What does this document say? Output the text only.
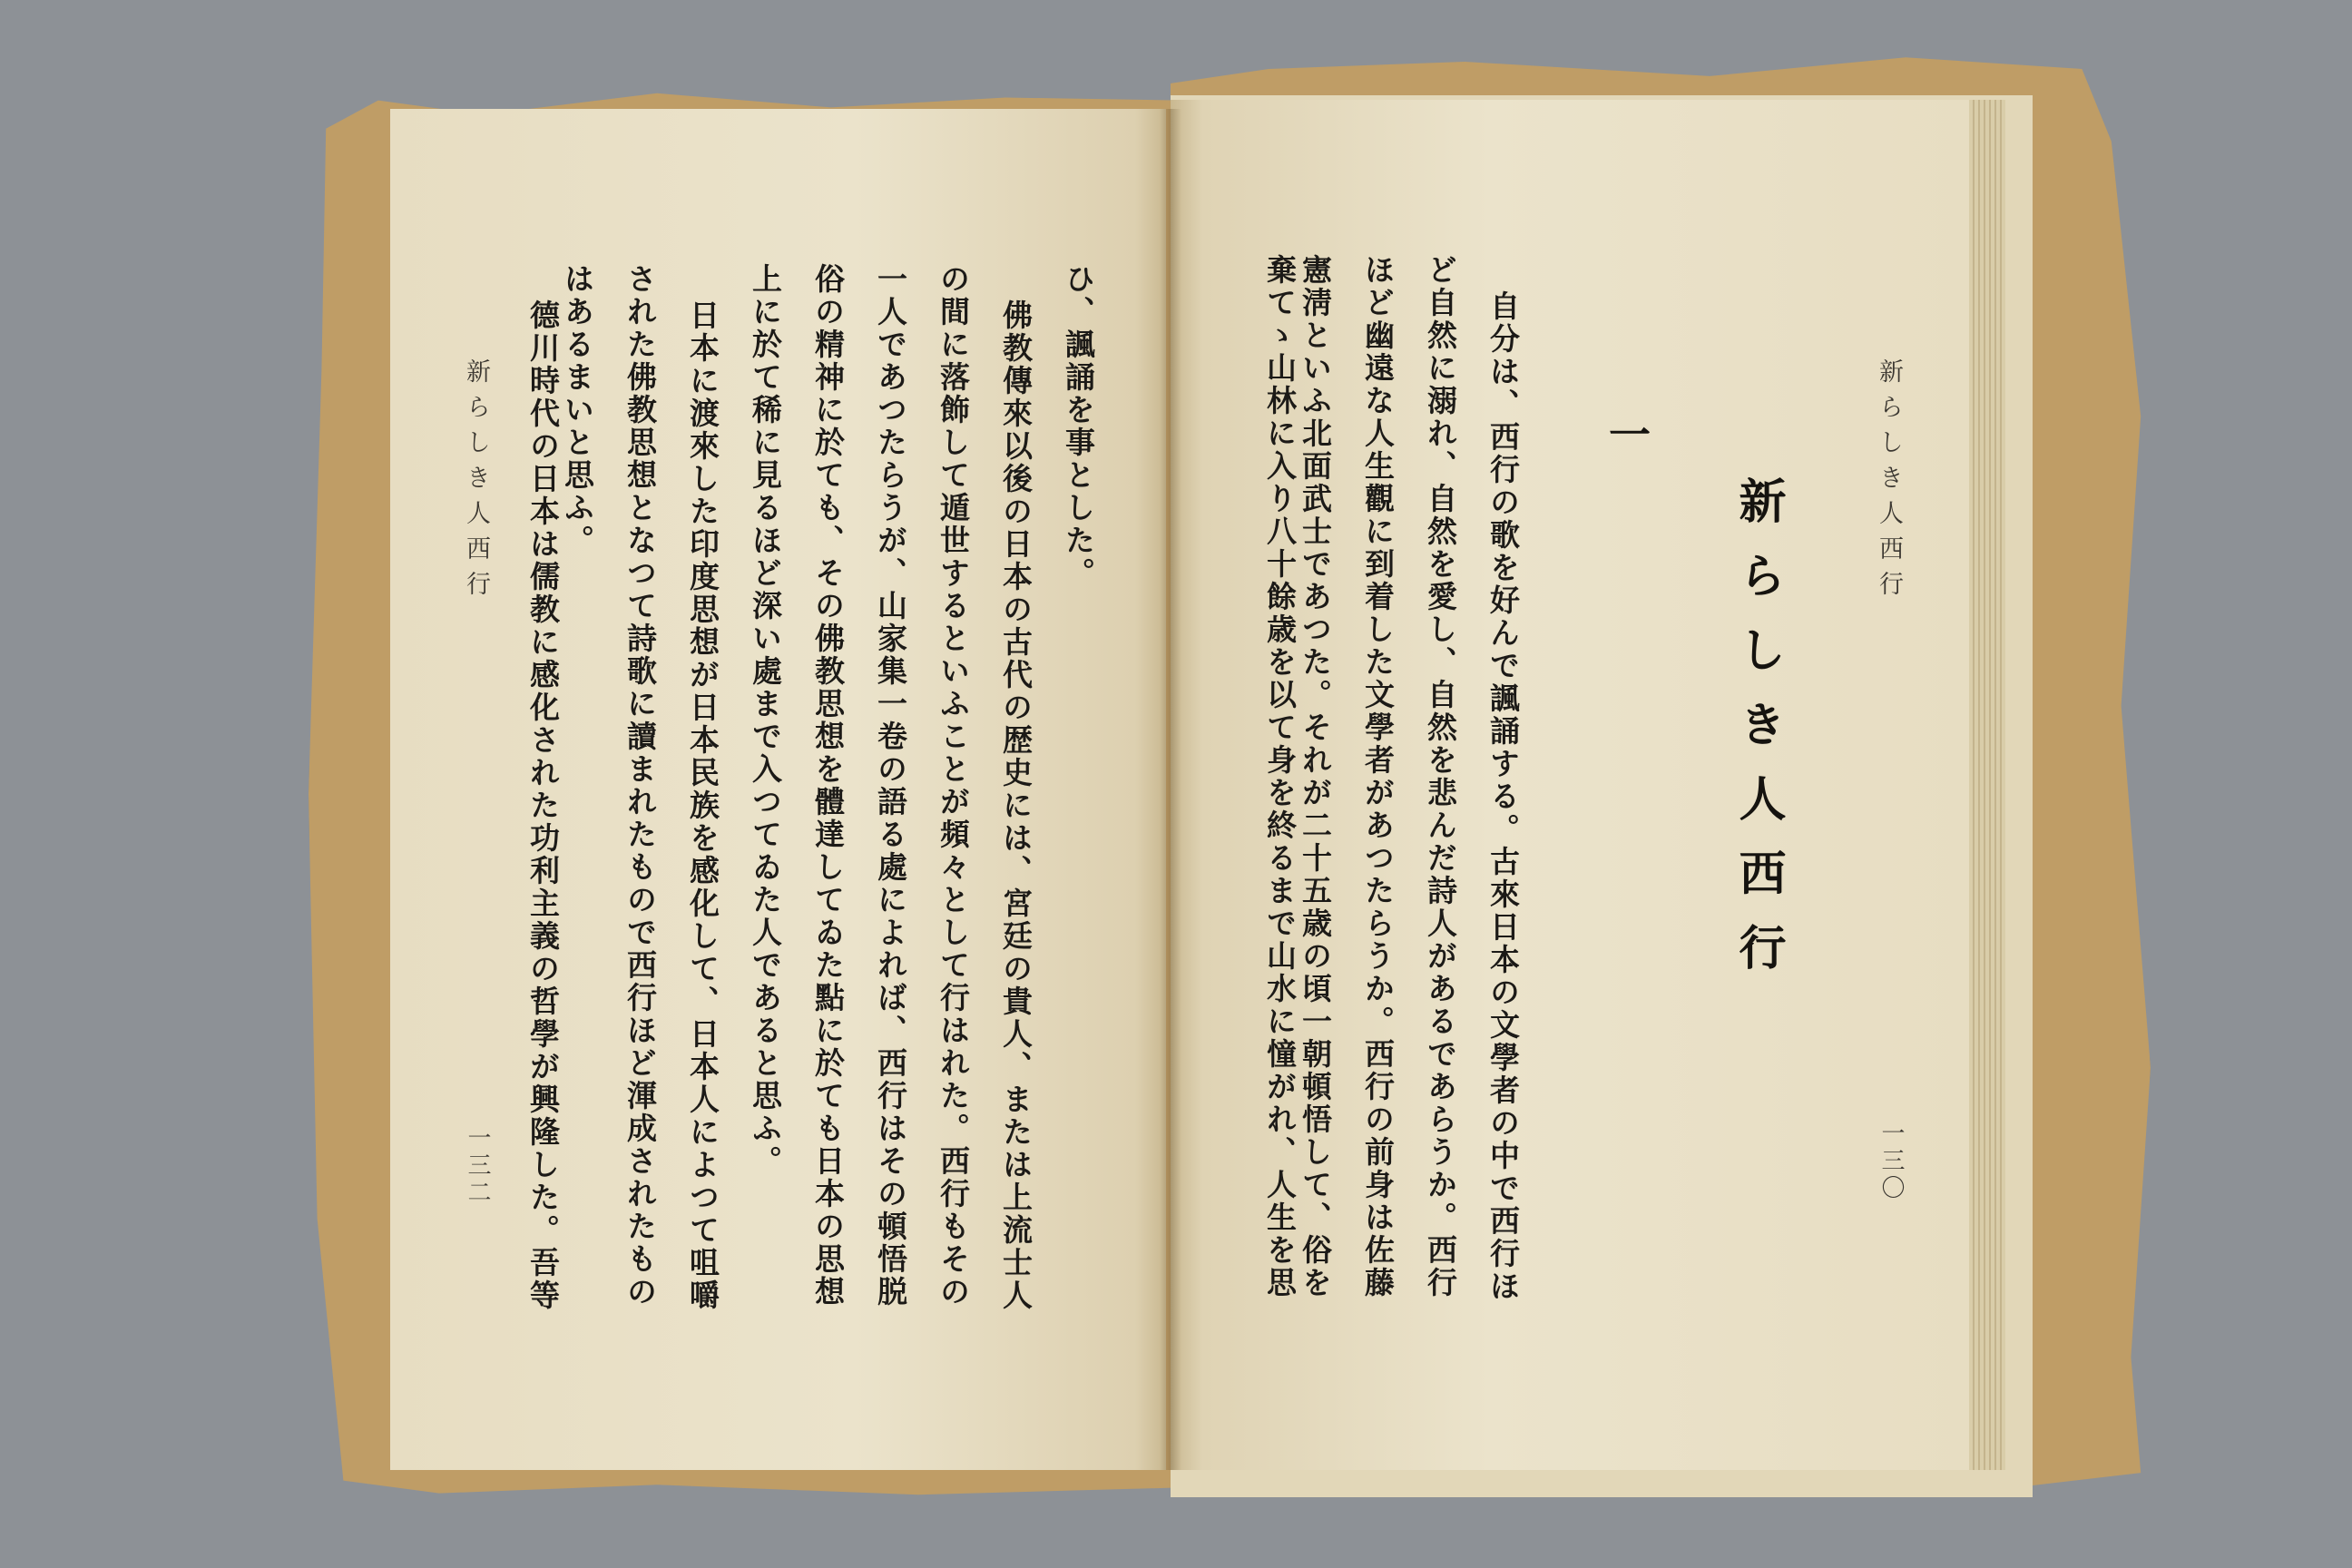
新らしき人西行
一三二
ひ、諷誦を事とした。
佛教傳來以後の日本の古代の歴史には、宮廷の貴人、または上流士人
の間に落飾して遁世するといふことが頻々として行はれた。西行もその
一人であつたらうが、山家集一卷の語る處によれば、西行はその頓悟脱
俗の精神に於ても、その佛教思想を體達してゐた點に於ても日本の思想
上に於て稀に見るほど深い處まで入つてゐた人であると思ふ。
日本に渡來した印度思想が日本民族を感化して、日本人によつて咀嚼
された佛教思想となつて詩歌に讀まれたもので西行ほど渾成されたもの
はあるまいと思ふ。
德川時代の日本は儒教に感化された功利主義の哲學が興隆した。吾等	自分は、西行の歌を好んで諷誦する。古來日本の文學者の中で西行ほ
ど自然に溺れ、自然を愛し、自然を悲んだ詩人があるであらうか。西行
ほど幽遠な人生觀に到着した文學者があつたらうか。西行の前身は佐藤
憲淸といふ北面武士であつた。それが二十五歳の頃一朝頓悟して、俗を
棄てゝ山林に入り八十餘歳を以て身を終るまで山水に憧がれ、人生を思	一
新らしき人西行	新らしき人西行
一三〇
